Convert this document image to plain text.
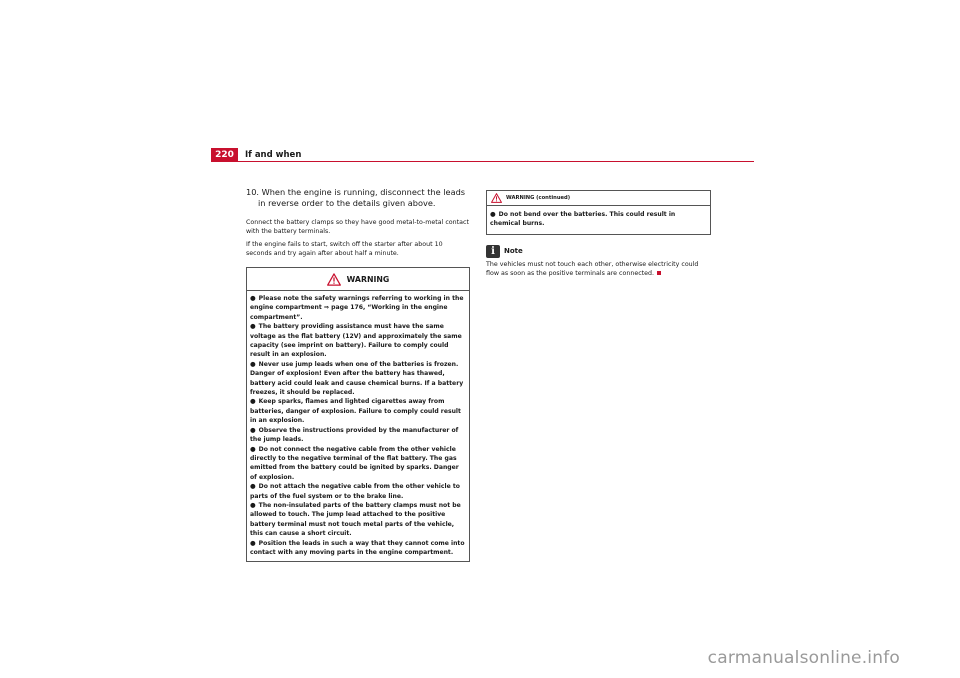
220	If and when

10. When the engine is running, disconnect the leads in reverse order to the details given above.

Connect the battery clamps so they have good metal-to-metal contact with the battery terminals.

If the engine fails to start, switch off the starter after about 10 seconds and try again after about half a minute.

WARNING

● Please note the safety warnings referring to working in the engine compartment ⇒ page 176, “Working in the engine compartment”.

● The battery providing assistance must have the same voltage as the flat battery (12V) and approximately the same capacity (see imprint on battery). Failure to comply could result in an explosion.

● Never use jump leads when one of the batteries is frozen. Danger of explosion! Even after the battery has thawed, battery acid could leak and cause chemical burns. If a battery freezes, it should be replaced.

● Keep sparks, flames and lighted cigarettes away from batteries, danger of explosion. Failure to comply could result in an explosion.

● Observe the instructions provided by the manufacturer of the jump leads.

● Do not connect the negative cable from the other vehicle directly to the negative terminal of the flat battery. The gas emitted from the battery could be ignited by sparks. Danger of explosion.

● Do not attach the negative cable from the other vehicle to parts of the fuel system or to the brake line.

● The non-insulated parts of the battery clamps must not be allowed to touch. The jump lead attached to the positive battery terminal must not touch metal parts of the vehicle, this can cause a short circuit.

● Position the leads in such a way that they cannot come into contact with any moving parts in the engine compartment.

WARNING (continued)

● Do not bend over the batteries. This could result in chemical burns.

i	Note
The vehicles must not touch each other, otherwise electricity could flow as soon as the positive terminals are connected.
carmanualsonline.info
